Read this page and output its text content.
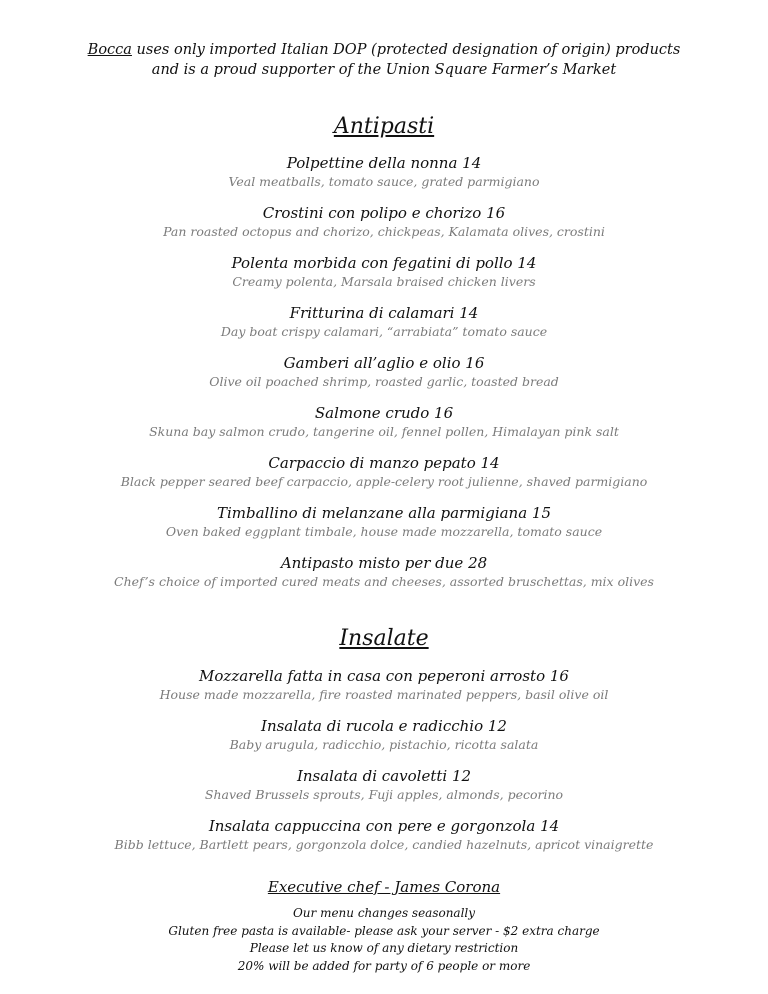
Bocca uses only imported Italian DOP (protected designation of origin) products
and is a proud supporter of the Union Square Farmer’s Market
Antipasti
Polpettine della nonna 14
Veal meatballs, tomato sauce, grated parmigiano
Crostini con polipo e chorizo 16
Pan roasted octopus and chorizo, chickpeas, Kalamata olives, crostini
Polenta morbida con fegatini di pollo 14
Creamy polenta, Marsala braised chicken livers
Fritturina di calamari 14
Day boat crispy calamari, “arrabiata” tomato sauce
Gamberi all’aglio e olio 16
Olive oil poached shrimp, roasted garlic, toasted bread
Salmone crudo 16
Skuna bay salmon crudo, tangerine oil, fennel pollen, Himalayan pink salt
Carpaccio di manzo pepato 14
Black pepper seared beef carpaccio, apple-celery root julienne, shaved parmigiano
Timballino di melanzane alla parmigiana 15
Oven baked eggplant timbale, house made mozzarella, tomato sauce
Antipasto misto per due 28
Chef’s choice of imported cured meats and cheeses, assorted bruschettas, mix olives
Insalate
Mozzarella fatta in casa con peperoni arrosto 16
House made mozzarella, fire roasted marinated peppers, basil olive oil
Insalata di rucola e radicchio 12
Baby arugula, radicchio, pistachio, ricotta salata
Insalata di cavoletti 12
Shaved Brussels sprouts, Fuji apples, almonds, pecorino
Insalata cappuccina con pere e gorgonzola 14
Bibb lettuce, Bartlett pears, gorgonzola dolce, candied hazelnuts, apricot vinaigrette
Executive chef - James Corona
Our menu changes seasonally
Gluten free pasta is available- please ask your server - $2 extra charge
Please let us know of any dietary restriction
20% will be added for party of 6 people or more
